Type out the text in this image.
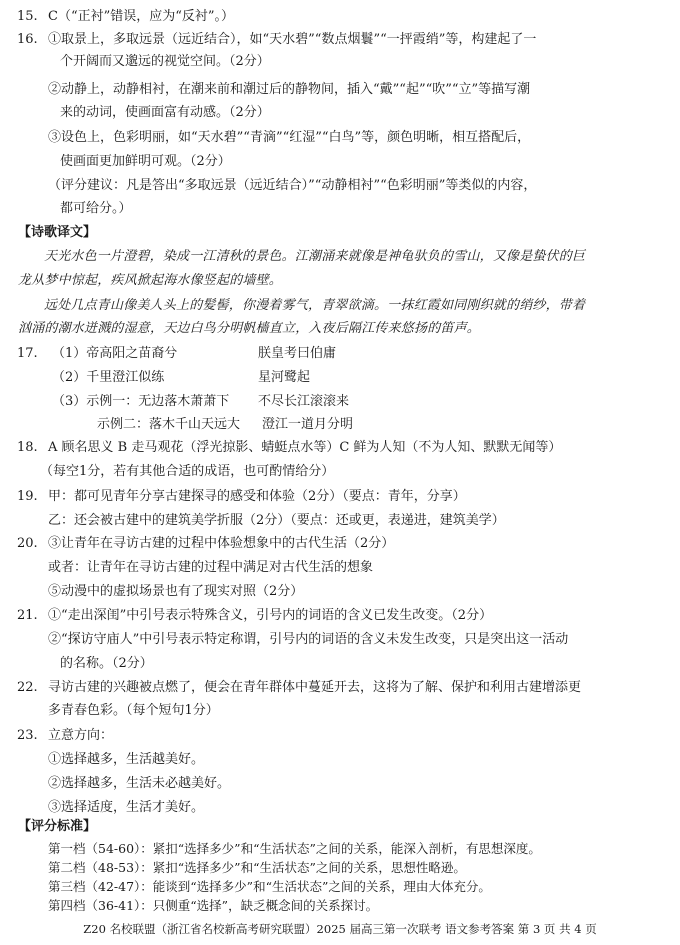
15. C（“正衬”错误，应为“反衬”。）
16. ①取景上，多取远景（远近结合），如“天水碧”“数点烟鬟”“一抨霞绡”等，构建起了一
个开阔而又邈远的视觉空间。（2分）
②动静上，动静相衬，在潮来前和潮过后的静物间，插入“戴”“起”“吹”“立”等描写潮
来的动词，使画面富有动感。（2分）
③设色上，色彩明丽，如“天水碧”“青滴”“红湿”“白鸟”等，颜色明晰，相互搭配后，
使画面更加鲜明可观。（2分）
（评分建议：凡是答出“多取远景（远近结合）”“动静相衬”“色彩明丽”等类似的内容，
都可给分。）
【诗歌译文】
天光水色一片澄碧，染成一江清秋的景色。江潮涌来就像是神龟驮负的雪山，又像是蛰伏的巨
龙从梦中惊起，疾风掀起海水像竖起的墙壁。
远处几点青山像美人头上的髪髻，你漫着雾气，青翠欲滴。一抹红霞如同刚织就的绡纱，带着
汹涌的潮水迸溅的湿意，天边白鸟分明帆樯直立，入夜后隔江传来悠扬的笛声。
17. （1）帝高阳之苗裔兮	朕皇考曰伯庸
（2）千里澄江似练	星河鹭起
（3）示例一：无边落木萧萧下 不尽长江滚滚来
示例二：落木千山天远大 澄江一道月分明
18. A 顾名思义 B 走马观花（浮光掠影、蜻蜓点水等）C 鲜为人知（不为人知、默默无闻等）
（每空1分，若有其他合适的成语，也可酌情给分）
19. 甲：都可见青年分享古建探寻的感受和体验（2分）（要点：青年，分享）
乙：还会被古建中的建筑美学折服（2分）（要点：还或更，表递进，建筑美学）
20. ③让青年在寻访古建的过程中体验想象中的古代生活（2分）
或者：让青年在寻访古建的过程中满足对古代生活的想象
⑤动漫中的虚拟场景也有了现实对照（2分）
21. ①“走出深闺”中引号表示特殊含义，引号内的词语的含义已发生改变。（2分）
②“探访守庙人”中引号表示特定称谓，引号内的词语的含义未发生改变，只是突出这一活动
的名称。（2分）
22. 寻访古建的兴趣被点燃了，便会在青年群体中蔓延开去，这将为了解、保护和利用古建增添更
多青春色彩。（每个短句1分）
23. 立意方向：
①选择越多，生活越美好。
②选择越多，生活未必越美好。
③选择适度，生活才美好。
【评分标准】
第一档（54-60）：紧扣“选择多少”和“生活状态”之间的关系，能深入剖析，有思想深度。
第二档（48-53）：紧扣“选择多少”和“生活状态”之间的关系，思想性略逊。
第三档（42-47）：能谈到“选择多少”和“生活状态”之间的关系，理由大体充分。
Z20 名校联盟（浙江省名校新高考研究联盟）2025 届高三第一次联考 语文参考答案 第 3 页 共 4 页
第四档（36-41）：只侧重“选择”，缺乏概念间的关系探讨。
